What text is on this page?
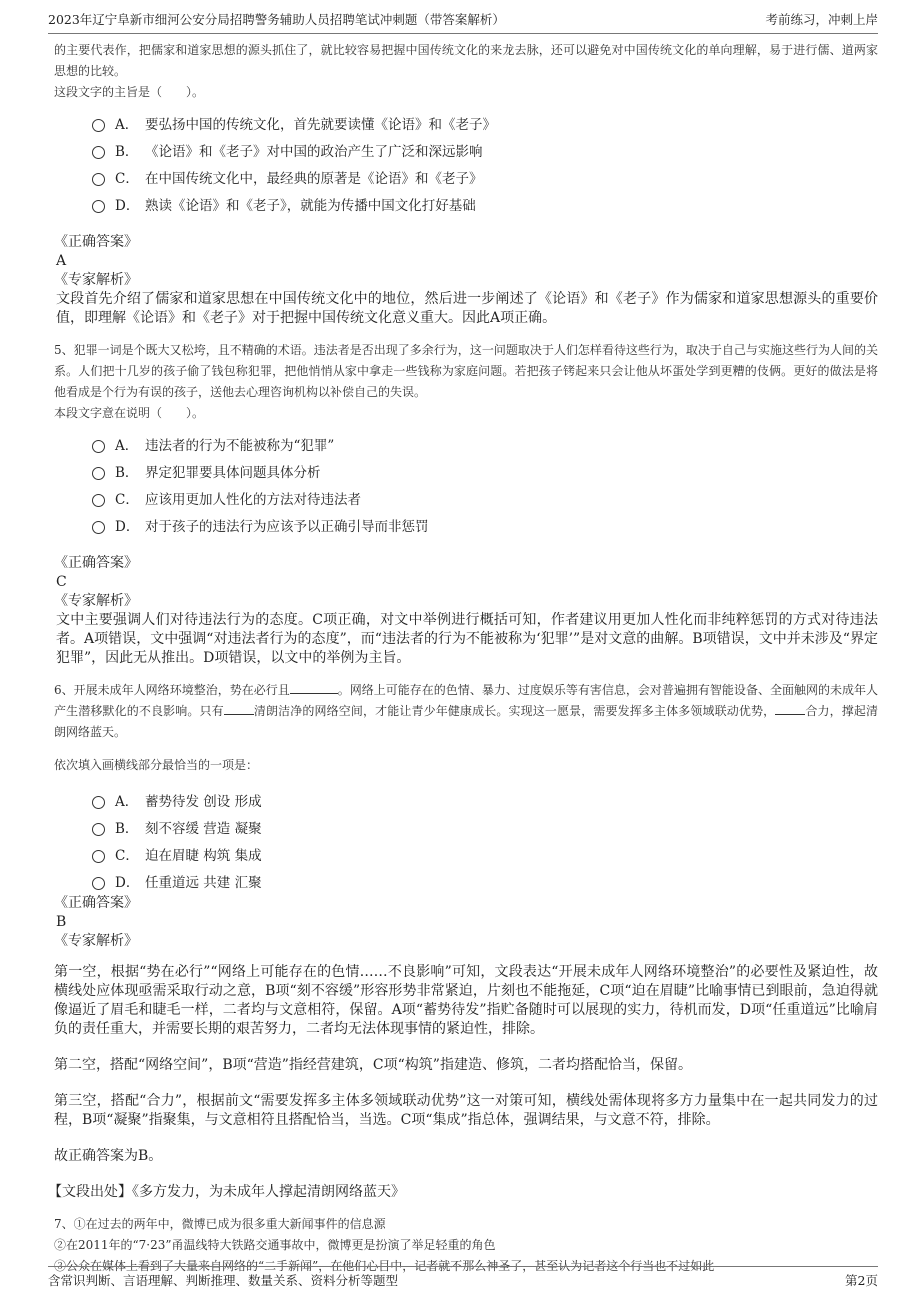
2023年辽宁阜新市细河公安分局招聘警务辅助人员招聘笔试冲刺题（带答案解析）	考前练习，冲刺上岸
的主要代表作，把儒家和道家思想的源头抓住了，就比较容易把握中国传统文化的来龙去脉，还可以避免对中国传统文化的单向理解，易于进行儒、道两家思想的比较。
这段文字的主旨是（　　）。
A． 要弘扬中国的传统文化，首先就要读懂《论语》和《老子》
B． 《论语》和《老子》对中国的政治产生了广泛和深远影响
C． 在中国传统文化中，最经典的原著是《论语》和《老子》
D． 熟读《论语》和《老子》，就能为传播中国文化打好基础
《正确答案》
A
《专家解析》
文段首先介绍了儒家和道家思想在中国传统文化中的地位，然后进一步阐述了《论语》和《老子》作为儒家和道家思想源头的重要价值，即理解《论语》和《老子》对于把握中国传统文化意义重大。因此A项正确。
5、犯罪一词是个既大又松垮，且不精确的术语。违法者是否出现了多余行为，这一问题取决于人们怎样看待这些行为，取决于自己与实施这些行为人间的关系。人们把十几岁的孩子偷了钱包称犯罪，把他悄悄从家中拿走一些钱称为家庭问题。若把孩子铐起来只会让他从坏蛋处学到更糟的伎俩。更好的做法是将他看成是个行为有误的孩子，送他去心理咨询机构以补偿自己的失误。
本段文字意在说明（　　）。
A． 违法者的行为不能被称为“犯罪”
B． 界定犯罪要具体问题具体分析
C． 应该用更加人性化的方法对待违法者
D． 对于孩子的违法行为应该予以正确引导而非惩罚
《正确答案》
C
《专家解析》
文中主要强调人们对待违法行为的态度。C项正确，对文中举例进行概括可知，作者建议用更加人性化而非纯粹惩罚的方式对待违法者。A项错误，文中强调“对违法者行为的态度”，而“违法者的行为不能被称为‘犯罪’”是对文意的曲解。B项错误，文中并未涉及“界定犯罪”，因此无从推出。D项错误，以文中的举例为主旨。
6、开展未成年人网络环境整治，势在必行且	。网络上可能存在的色情、暴力、过度娱乐等有害信息，会对普遍拥有智能设备、全面触网的未成年人产生潜移默化的不良影响。只有	清朗洁净的网络空间，才能让青少年健康成长。实现这一愿景，需要发挥多主体多领域联动优势，	合力，撑起清朗网络蓝天。
依次填入画横线部分最恰当的一项是：
A． 蓄势待发 创设 形成
B． 刻不容缓 营造 凝聚
C． 迫在眉睫 构筑 集成
D． 任重道远 共建 汇聚
《正确答案》
B
《专家解析》
第一空，根据“势在必行”“网络上可能存在的色情……不良影响”可知，文段表达“开展未成年人网络环境整治”的必要性及紧迫性，故横线处应体现亟需采取行动之意，B项“刻不容缓”形容形势非常紧迫，片刻也不能拖延，C项“迫在眉睫”比喻事情已到眼前，急迫得就像逼近了眉毛和睫毛一样，二者均与文意相符，保留。A项“蓄势待发”指贮备随时可以展现的实力，待机而发，D项“任重道远”比喻肩负的责任重大，并需要长期的艰苦努力，二者均无法体现事情的紧迫性，排除。
第二空，搭配“网络空间”，B项“营造”指经营建筑，C项“构筑”指建造、修筑，二者均搭配恰当，保留。
第三空，搭配“合力”，根据前文“需要发挥多主体多领域联动优势”这一对策可知，横线处需体现将多方力量集中在一起共同发力的过程，B项“凝聚”指聚集，与文意相符且搭配恰当，当选。C项“集成”指总体，强调结果，与文意不符，排除。
故正确答案为B。
【文段出处】《多方发力，为未成年人撑起清朗网络蓝天》
7、①在过去的两年中，微博已成为很多重大新闻事件的信息源
②在2011年的“7·23”甬温线特大铁路交通事故中，微博更是扮演了举足轻重的角色
③公众在媒体上看到了大量来自网络的“二手新闻”，在他们心目中，记者就不那么神圣了，甚至认为记者这个行当也不过如此
含常识判断、言语理解、判断推理、数量关系、资料分析等题型	第2页
